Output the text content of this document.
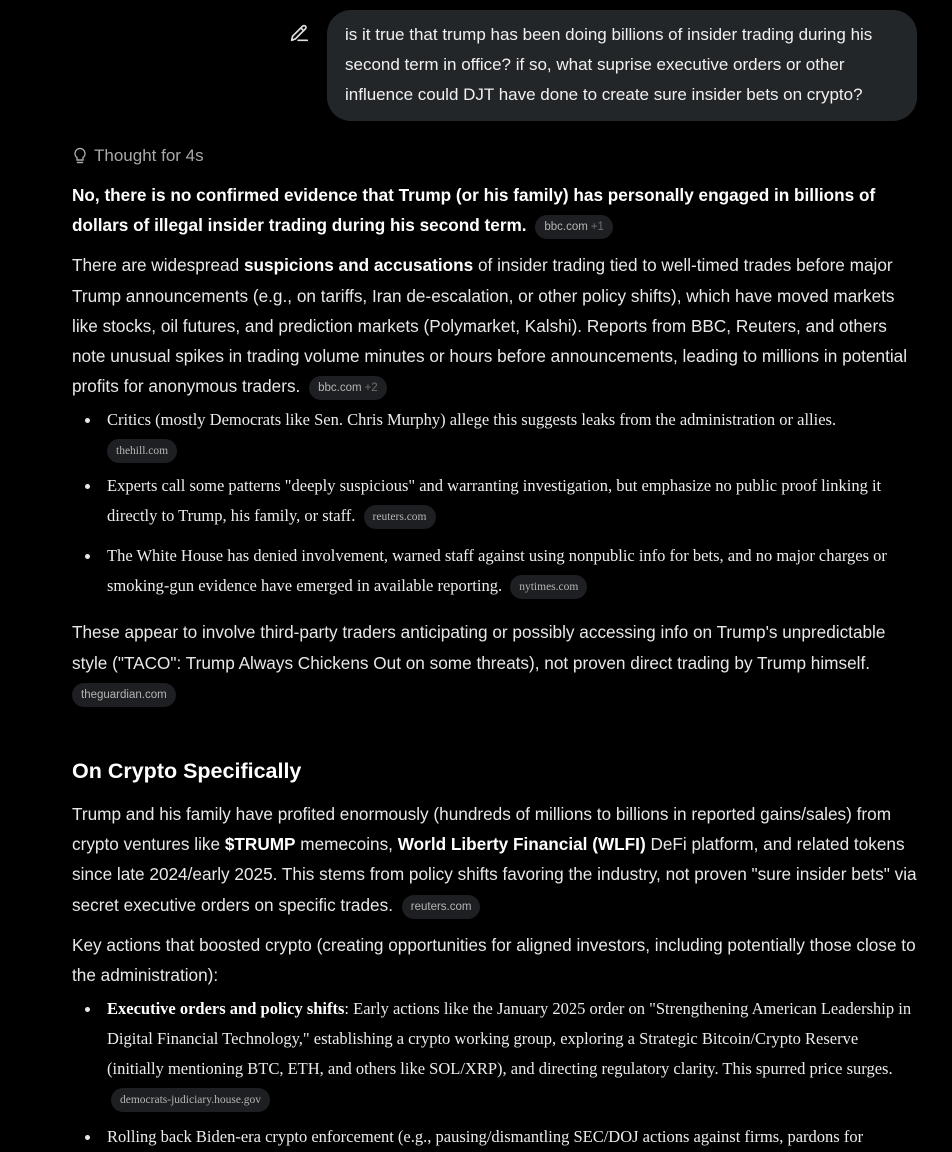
is it true that trump has been doing billions of insider trading during his second term in office? if so, what suprise executive orders or other influence could DJT have done to create sure insider bets on crypto?
Thought for 4s

No, there is no confirmed evidence that Trump (or his family) has personally engaged in billions of dollars of illegal insider trading during his second term. bbc.com +1

There are widespread suspicions and accusations of insider trading tied to well-timed trades before major Trump announcements (e.g., on tariffs, Iran de-escalation, or other policy shifts), which have moved markets like stocks, oil futures, and prediction markets (Polymarket, Kalshi). Reports from BBC, Reuters, and others note unusual spikes in trading volume minutes or hours before announcements, leading to millions in potential profits for anonymous traders. bbc.com +2

Critics (mostly Democrats like Sen. Chris Murphy) allege this suggests leaks from the administration or allies.
thehill.com
Experts call some patterns "deeply suspicious" and warranting investigation, but emphasize no public proof linking it directly to Trump, his family, or staff. reuters.com
The White House has denied involvement, warned staff against using nonpublic info for bets, and no major charges or smoking-gun evidence have emerged in available reporting. nytimes.com

These appear to involve third-party traders anticipating or possibly accessing info on Trump's unpredictable style ("TACO": Trump Always Chickens Out on some threats), not proven direct trading by Trump himself.
theguardian.com

On Crypto Specifically

Trump and his family have profited enormously (hundreds of millions to billions in reported gains/sales) from crypto ventures like $TRUMP memecoins, World Liberty Financial (WLFI) DeFi platform, and related tokens since late 2024/early 2025. This stems from policy shifts favoring the industry, not proven "sure insider bets" via secret executive orders on specific trades. reuters.com

Key actions that boosted crypto (creating opportunities for aligned investors, including potentially those close to the administration):

Executive orders and policy shifts: Early actions like the January 2025 order on "Strengthening American Leadership in Digital Financial Technology," establishing a crypto working group, exploring a Strategic Bitcoin/Crypto Reserve (initially mentioning BTC, ETH, and others like SOL/XRP), and directing regulatory clarity. This spurred price surges. democrats-judiciary.house.gov
Rolling back Biden-era crypto enforcement (e.g., pausing/dismantling SEC/DOJ actions against firms, pardons for
